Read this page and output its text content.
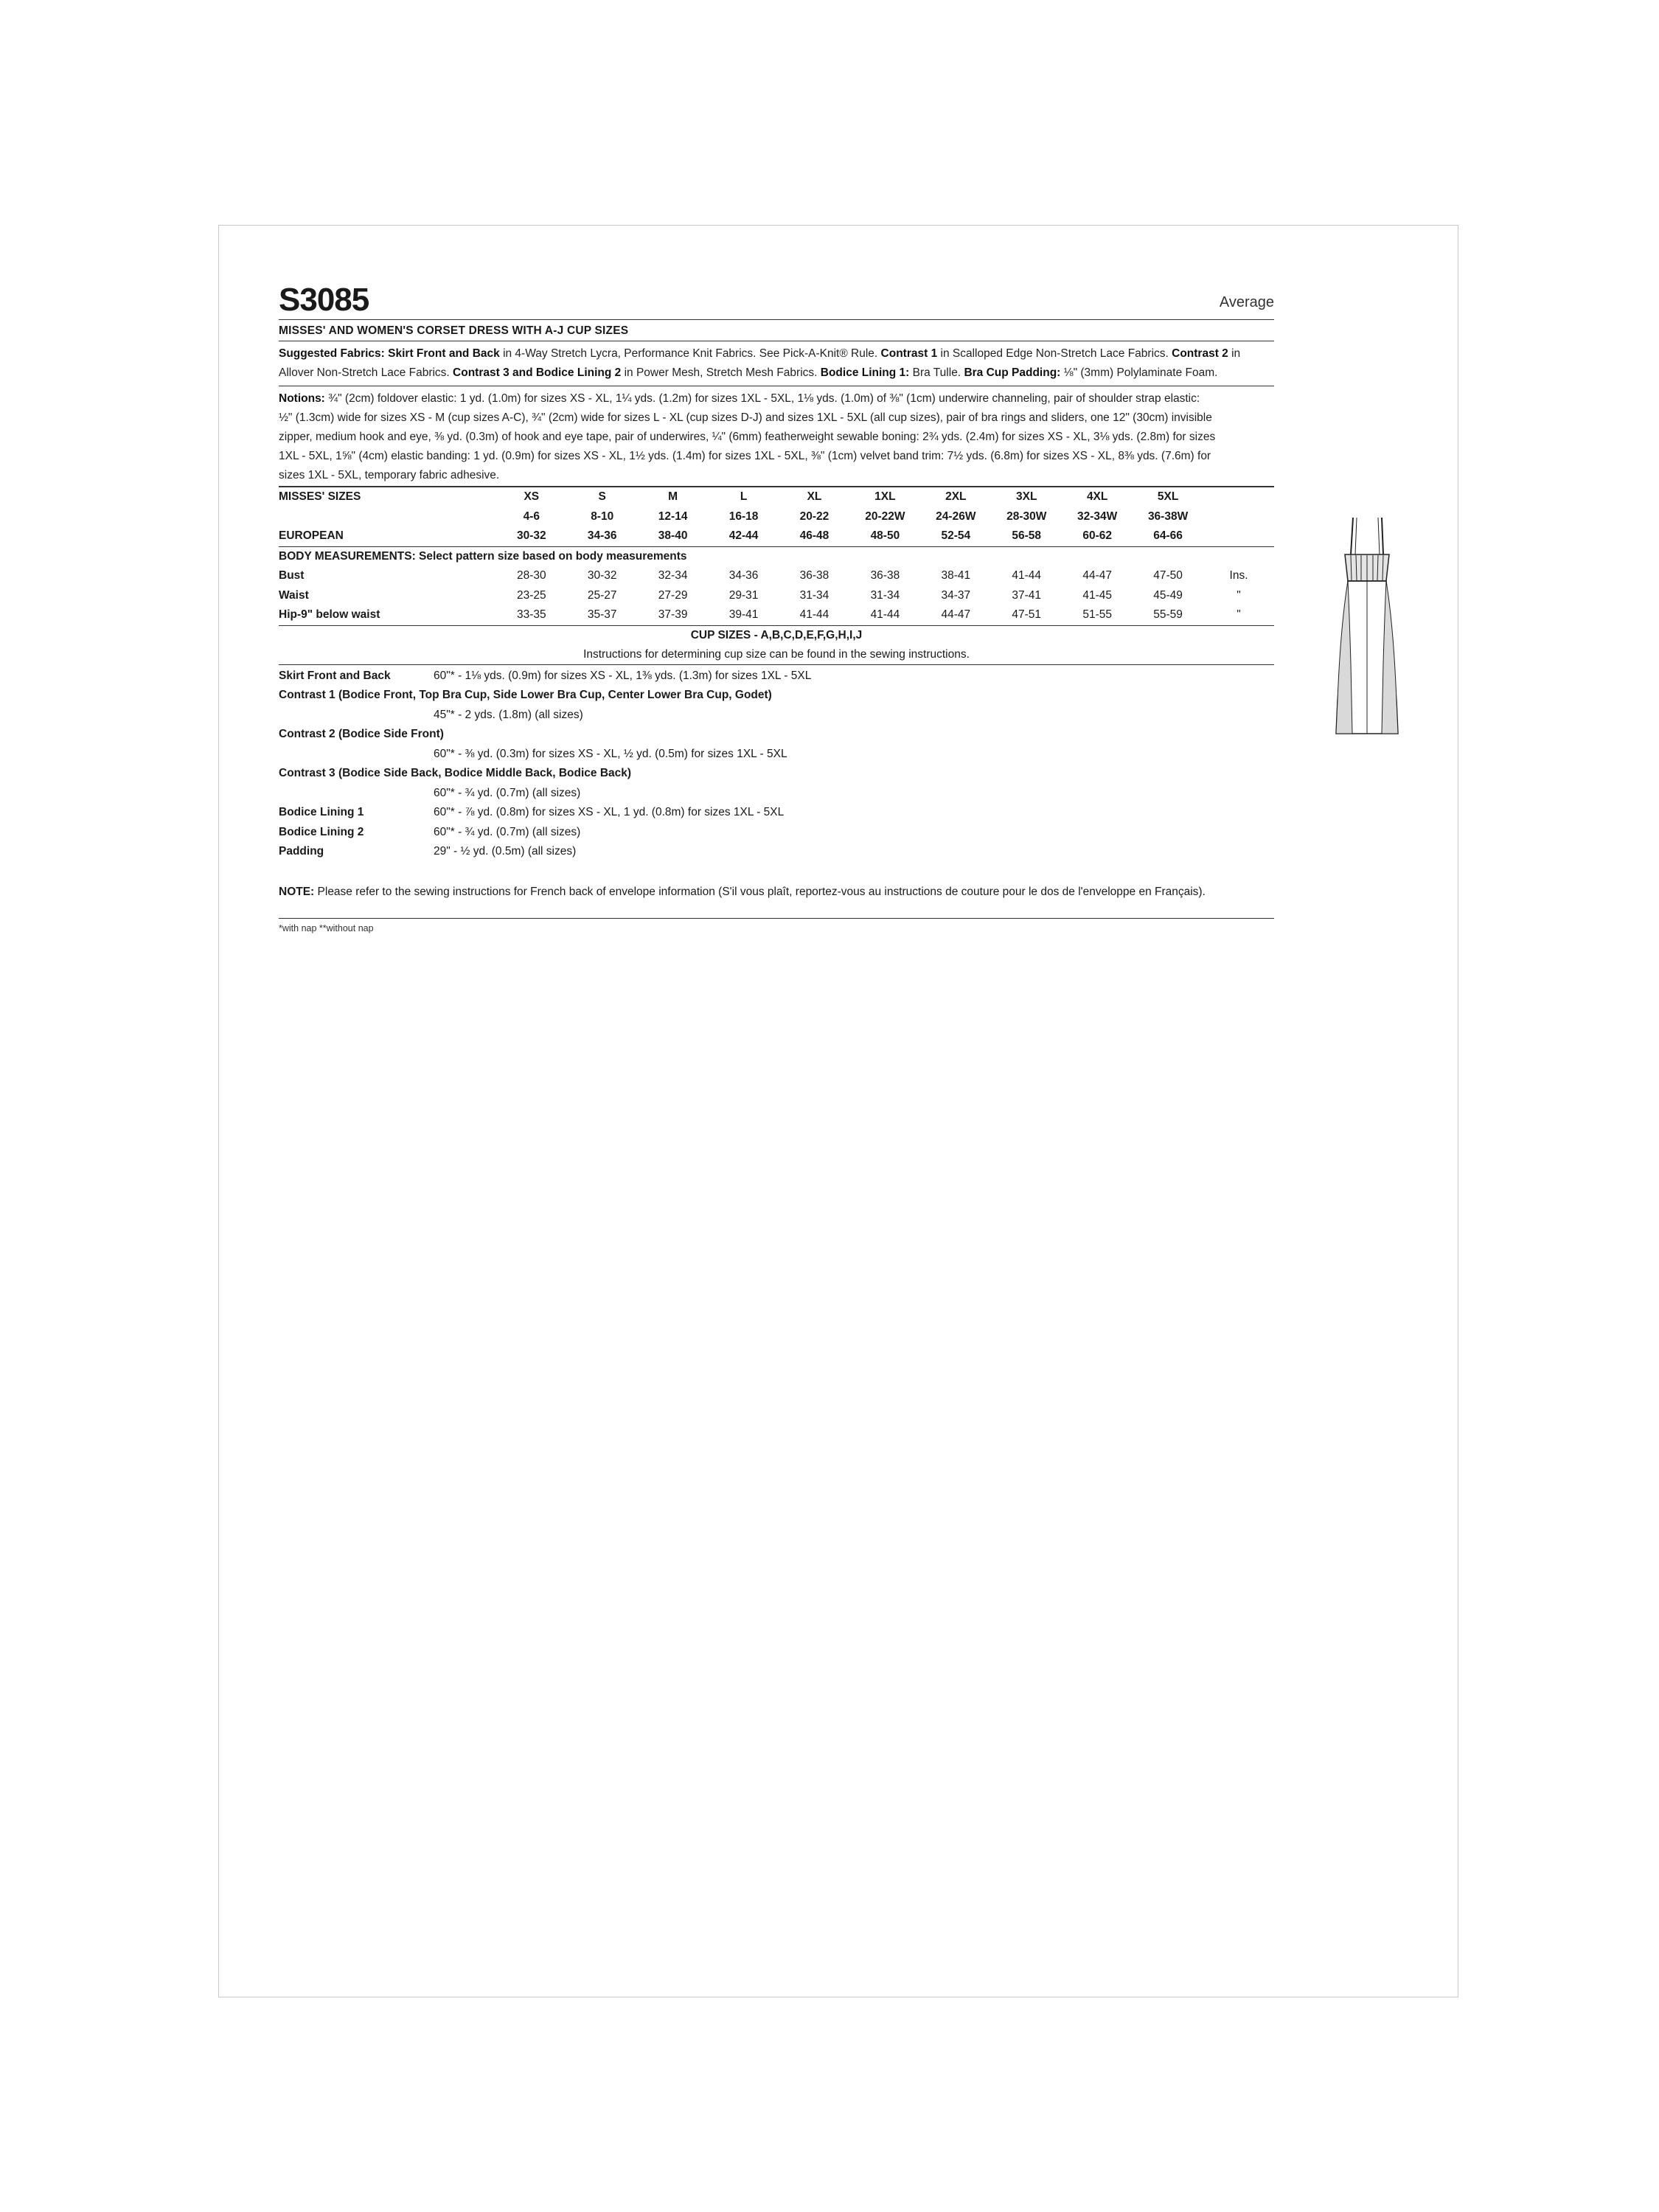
S3085	Average
MISSES' AND WOMEN'S CORSET DRESS WITH A-J CUP SIZES
Suggested Fabrics: Skirt Front and Back in 4-Way Stretch Lycra, Performance Knit Fabrics. See Pick-A-Knit® Rule. Contrast 1 in Scalloped Edge Non-Stretch Lace Fabrics. Contrast 2 in Allover Non-Stretch Lace Fabrics. Contrast 3 and Bodice Lining 2 in Power Mesh, Stretch Mesh Fabrics. Bodice Lining 1: Bra Tulle. Bra Cup Padding: ⅛" (3mm) Polylaminate Foam.
Notions: ¾" (2cm) foldover elastic: 1 yd. (1.0m) for sizes XS - XL, 1¼ yds. (1.2m) for sizes 1XL - 5XL, 1⅛ yds. (1.0m) of ⅜" (1cm) underwire channeling, pair of shoulder strap elastic:
½" (1.3cm) wide for sizes XS - M (cup sizes A-C), ¾" (2cm) wide for sizes L - XL (cup sizes D-J) and sizes 1XL - 5XL (all cup sizes), pair of bra rings and sliders, one 12" (30cm) invisible
zipper, medium hook and eye, ⅜ yd. (0.3m) of hook and eye tape, pair of underwires, ¼" (6mm) featherweight sewable boning: 2¾ yds. (2.4m) for sizes XS - XL, 3⅛ yds. (2.8m) for sizes
1XL - 5XL, 1⅝" (4cm) elastic banding: 1 yd. (0.9m) for sizes XS - XL, 1½ yds. (1.4m) for sizes 1XL - 5XL, ⅜" (1cm) velvet band trim: 7½ yds. (6.8m) for sizes XS - XL, 8⅜ yds. (7.6m) for
sizes 1XL - 5XL, temporary fabric adhesive.
MISSES' SIZES	XS	S	M	L	XL	1XL	2XL	3XL	4XL	5XL	
	4-6	8-10	12-14	16-18	20-22	20-22W	24-26W	28-30W	32-34W	36-38W	
EUROPEAN	30-32	34-36	38-40	42-44	46-48	48-50	52-54	56-58	60-62	64-66	
BODY MEASUREMENTS: Select pattern size based on body measurements											
Bust	28-30	30-32	32-34	34-36	36-38	36-38	38-41	41-44	44-47	47-50	Ins.
Waist	23-25	25-27	27-29	29-31	31-34	31-34	34-37	37-41	41-45	45-49	"
Hip-9" below waist	33-35	35-37	37-39	39-41	41-44	41-44	44-47	47-51	51-55	55-59	"
CUP SIZES - A,B,C,D,E,F,G,H,I,J
Instructions for determining cup size can be found in the sewing instructions.
Skirt Front and Back	60"* - 1⅛ yds. (0.9m) for sizes XS - XL, 1⅜ yds. (1.3m) for sizes 1XL - 5XL
Contrast 1 (Bodice Front, Top Bra Cup, Side Lower Bra Cup, Center Lower Bra Cup, Godet)
45"* - 2 yds. (1.8m) (all sizes)
Contrast 2 (Bodice Side Front)
60"* - ⅜ yd. (0.3m) for sizes XS - XL, ½ yd. (0.5m) for sizes 1XL - 5XL
Contrast 3 (Bodice Side Back, Bodice Middle Back, Bodice Back)
60"* - ¾ yd. (0.7m) (all sizes)
Bodice Lining 1	60"* - ⅞ yd. (0.8m) for sizes XS - XL, 1 yd. (0.8m) for sizes 1XL - 5XL
Bodice Lining 2	60"* - ¾ yd. (0.7m) (all sizes)
Padding	29" - ½ yd. (0.5m) (all sizes)
NOTE: Please refer to the sewing instructions for French back of envelope information (S'il vous plaît, reportez-vous au instructions de couture pour le dos de l'enveloppe en Français).
*with nap **without nap
